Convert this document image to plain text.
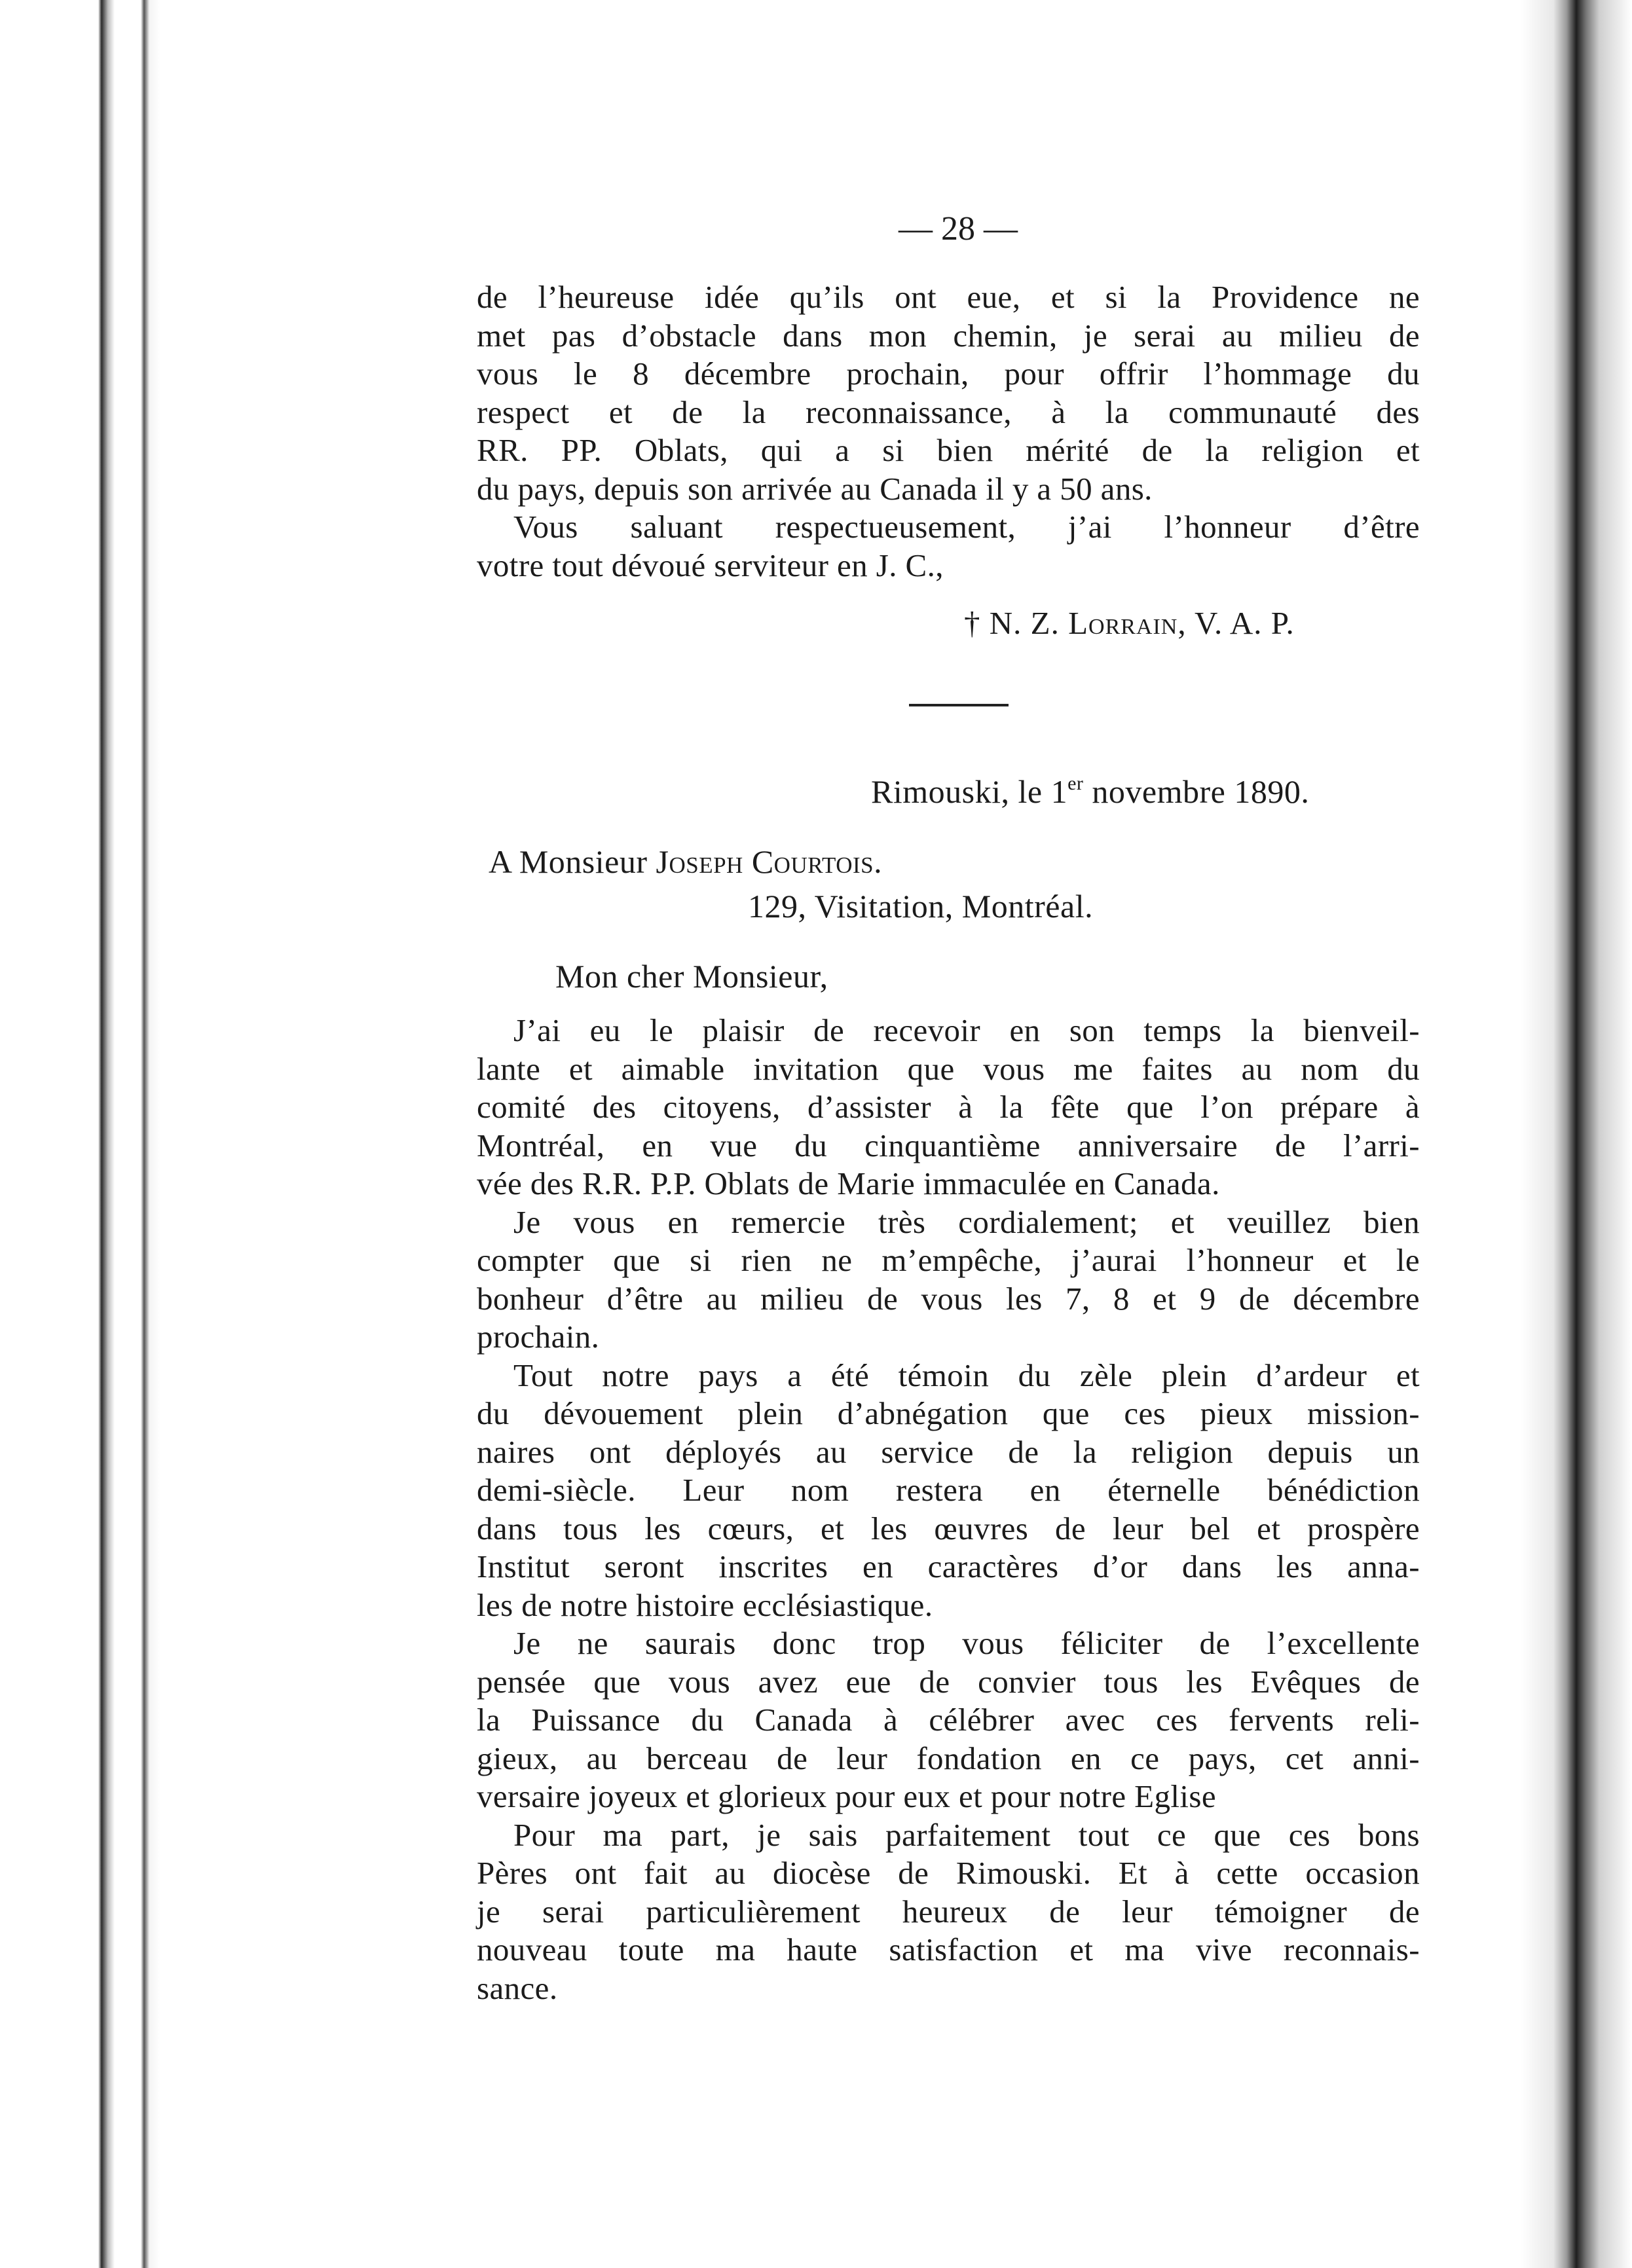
— 28 —
de l’heureuse idée qu’ils ont eue, et si la Providence ne
met pas d’obstacle dans mon chemin, je serai au milieu de
vous le 8 décembre prochain, pour offrir l’hommage du
respect et de la reconnaissance, à la communauté des
RR. PP. Oblats, qui a si bien mérité de la religion et
du pays, depuis son arrivée au Canada il y a 50 ans.
Vous saluant respectueusement, j’ai l’honneur d’être
votre tout dévoué serviteur en J. C.,
† N. Z. Lorrain, V. A. P.
Rimouski, le 1er novembre 1890.
A Monsieur Joseph Courtois.
129, Visitation, Montréal.
Mon cher Monsieur,
J’ai eu le plaisir de recevoir en son temps la bienveil-
lante et aimable invitation que vous me faites au nom du
comité des citoyens, d’assister à la fête que l’on prépare à
Montréal, en vue du cinquantième anniversaire de l’arri-
vée des R.R. P.P. Oblats de Marie immaculée en Canada.
Je vous en remercie très cordialement; et veuillez bien
compter que si rien ne m’empêche, j’aurai l’honneur et le
bonheur d’être au milieu de vous les 7, 8 et 9 de décembre
prochain.
Tout notre pays a été témoin du zèle plein d’ardeur et
du dévouement plein d’abnégation que ces pieux mission-
naires ont déployés au service de la religion depuis un
demi-siècle. Leur nom restera en éternelle bénédiction
dans tous les cœurs, et les œuvres de leur bel et prospère
Institut seront inscrites en caractères d’or dans les anna-
les de notre histoire ecclésiastique.
Je ne saurais donc trop vous féliciter de l’excellente
pensée que vous avez eue de convier tous les Evêques de
la Puissance du Canada à célébrer avec ces fervents reli-
gieux, au berceau de leur fondation en ce pays, cet anni-
versaire joyeux et glorieux pour eux et pour notre Eglise
Pour ma part, je sais parfaitement tout ce que ces bons
Pères ont fait au diocèse de Rimouski. Et à cette occasion
je serai particulièrement heureux de leur témoigner de
nouveau toute ma haute satisfaction et ma vive reconnais-
sance.
